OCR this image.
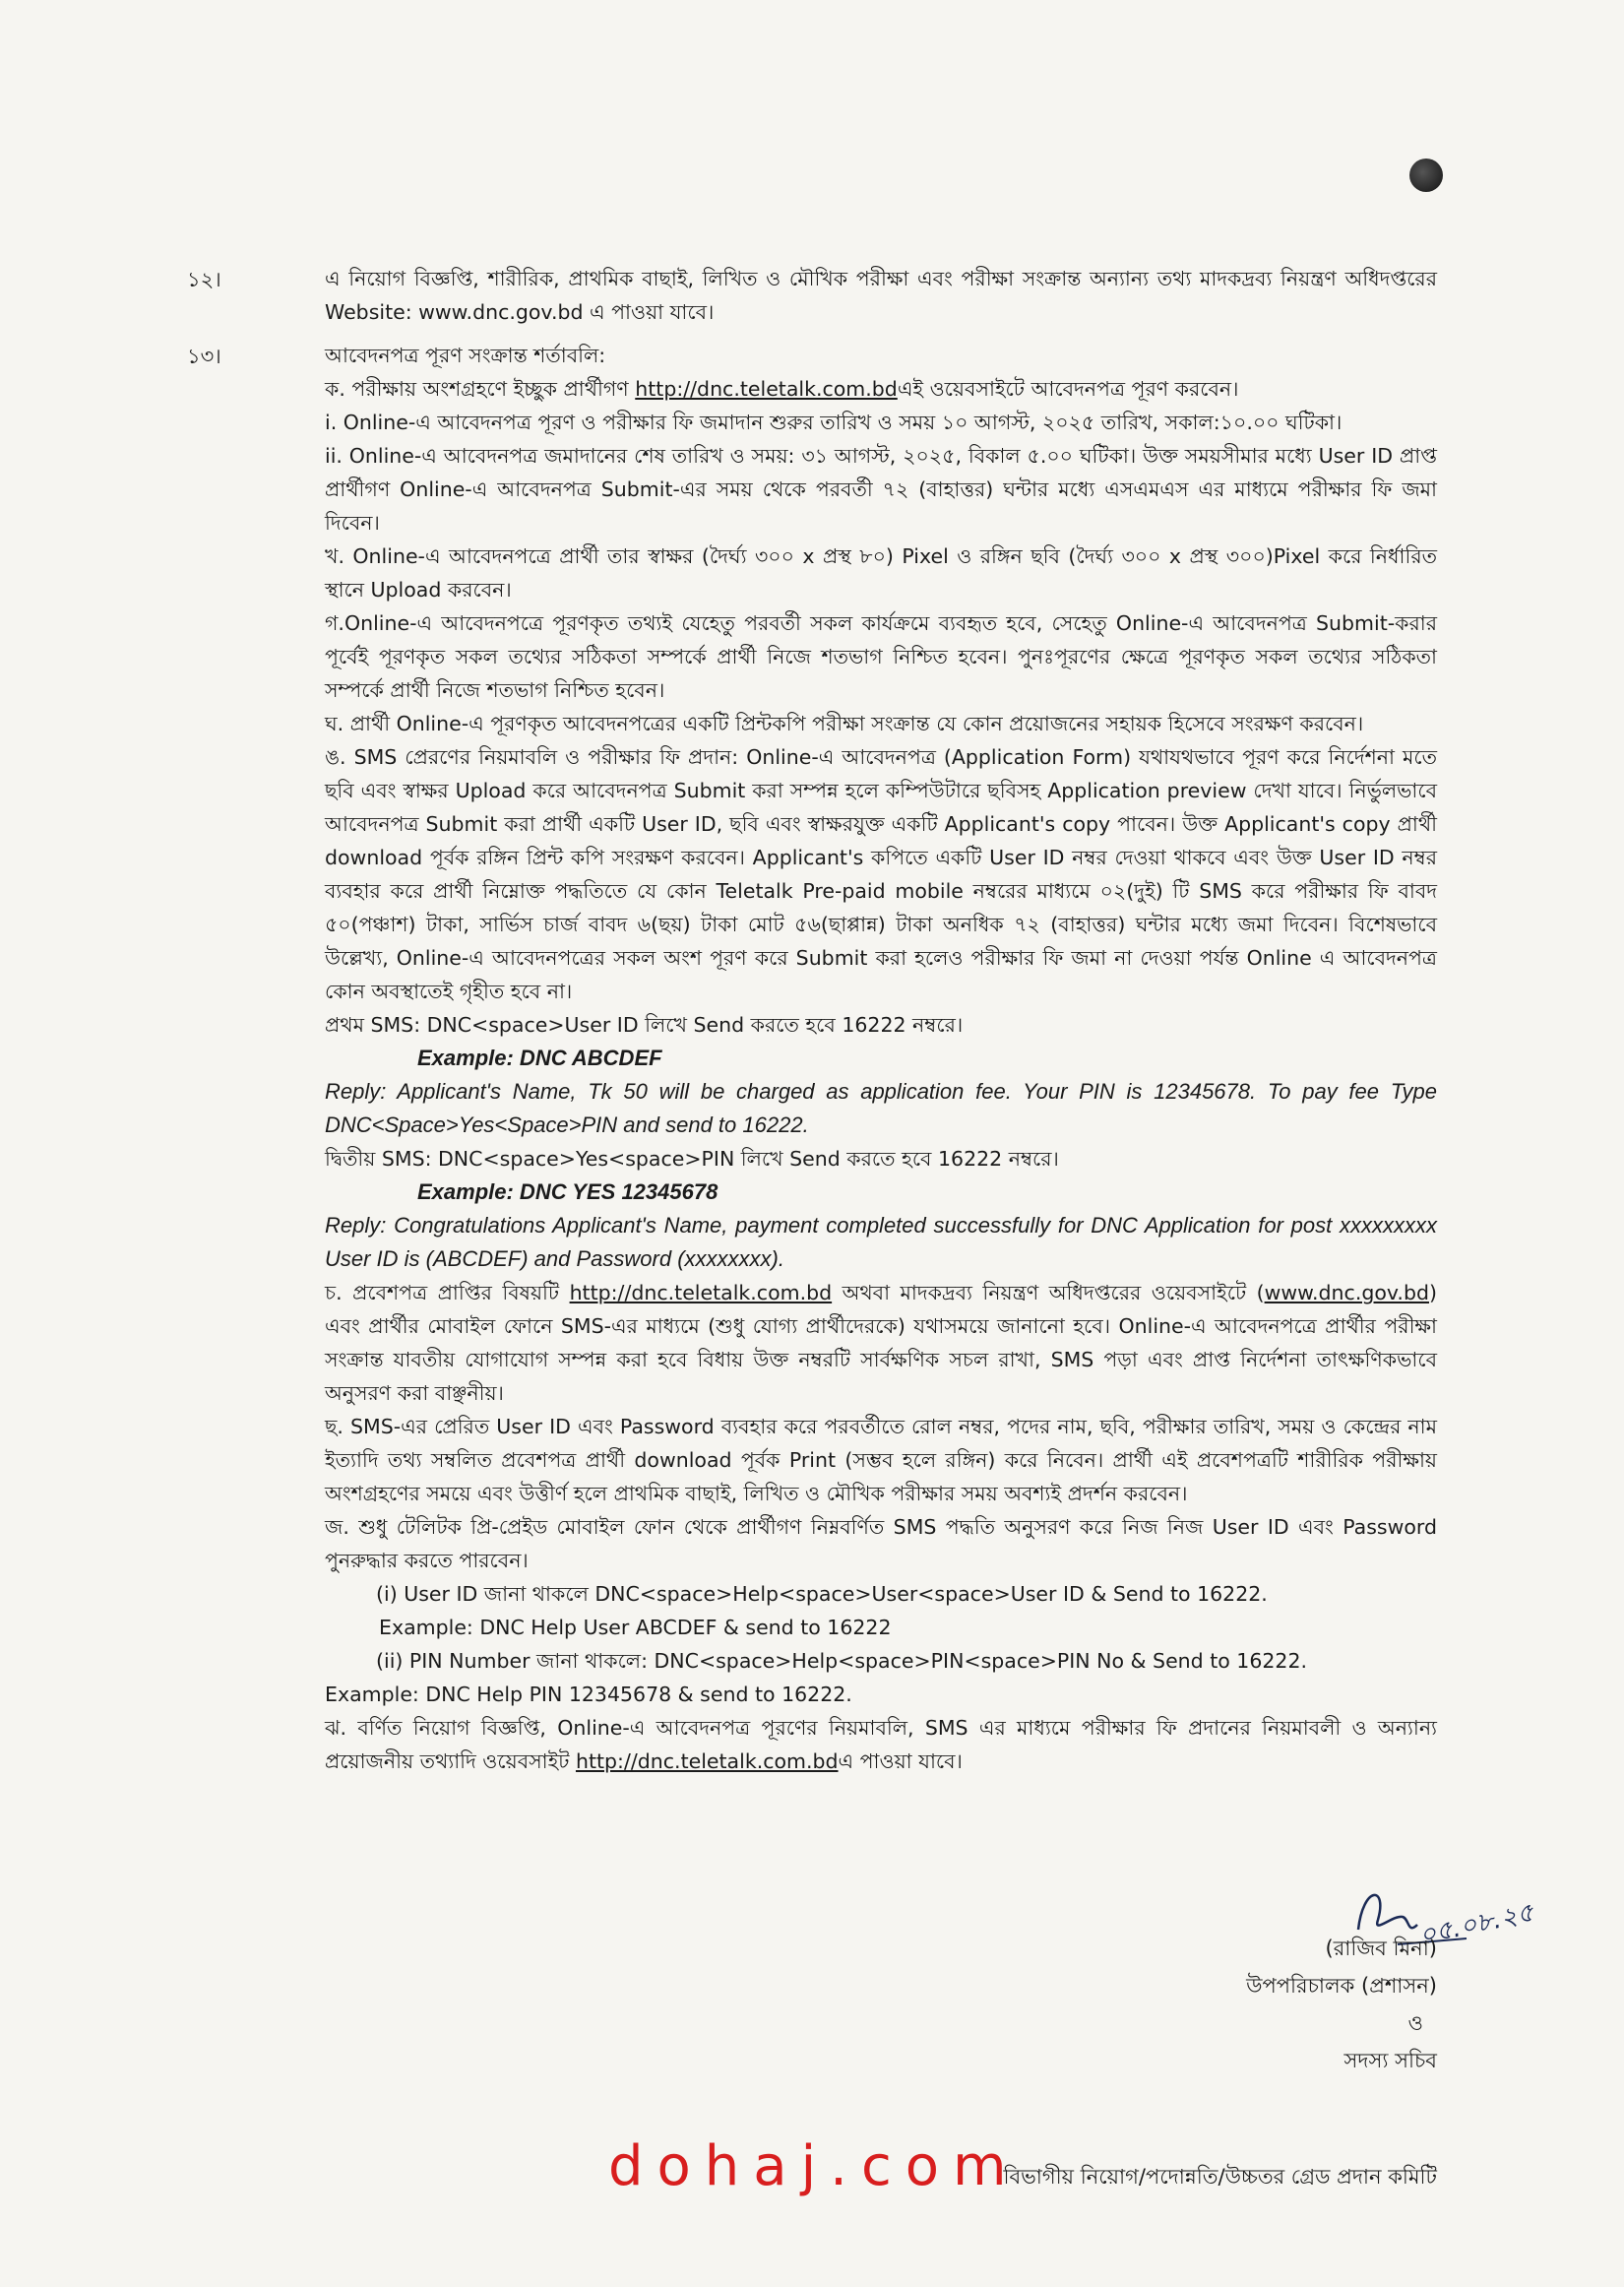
১২।	এ নিয়োগ বিজ্ঞপ্তি, শারীরিক, প্রাথমিক বাছাই, লিখিত ও মৌখিক পরীক্ষা এবং পরীক্ষা সংক্রান্ত অন্যান্য তথ্য মাদকদ্রব্য নিয়ন্ত্রণ অধিদপ্তরের Website: www.dnc.gov.bd এ পাওয়া যাবে।

১৩।	আবেদনপত্র পূরণ সংক্রান্ত শর্তাবলি:

ক. পরীক্ষায় অংশগ্রহণে ইচ্ছুক প্রার্থীগণ http://dnc.teletalk.com.bdএই ওয়েবসাইটে আবেদনপত্র পূরণ করবেন।

i. Online-এ আবেদনপত্র পূরণ ও পরীক্ষার ফি জমাদান শুরুর তারিখ ও সময় ১০ আগস্ট, ২০২৫ তারিখ, সকাল:১০.০০ ঘটিকা।

ii. Online-এ আবেদনপত্র জমাদানের শেষ তারিখ ও সময়: ৩১ আগস্ট, ২০২৫, বিকাল ৫.০০ ঘটিকা। উক্ত সময়সীমার মধ্যে User ID প্রাপ্ত প্রার্থীগণ Online-এ আবেদনপত্র Submit-এর সময় থেকে পরবর্তী ৭২ (বাহাত্তর) ঘন্টার মধ্যে এসএমএস এর মাধ্যমে পরীক্ষার ফি জমা দিবেন।

খ. Online-এ আবেদনপত্রে প্রার্থী তার স্বাক্ষর (দৈর্ঘ্য ৩০০ x প্রস্থ ৮০) Pixel ও রঙ্গিন ছবি (দৈর্ঘ্য ৩০০ x প্রস্থ ৩০০)Pixel করে নির্ধারিত স্থানে Upload করবেন।

গ.Online-এ আবেদনপত্রে পূরণকৃত তথ্যই যেহেতু পরবর্তী সকল কার্যক্রমে ব্যবহৃত হবে, সেহেতু Online-এ আবেদনপত্র Submit-করার পূর্বেই পূরণকৃত সকল তথ্যের সঠিকতা সম্পর্কে প্রার্থী নিজে শতভাগ নিশ্চিত হবেন। পুনঃপূরণের ক্ষেত্রে পূরণকৃত সকল তথ্যের সঠিকতা সম্পর্কে প্রার্থী নিজে শতভাগ নিশ্চিত হবেন।

ঘ. প্রার্থী Online-এ পূরণকৃত আবেদনপত্রের একটি প্রিন্টকপি পরীক্ষা সংক্রান্ত যে কোন প্রয়োজনের সহায়ক হিসেবে সংরক্ষণ করবেন।

ঙ. SMS প্রেরণের নিয়মাবলি ও পরীক্ষার ফি প্রদান: Online-এ আবেদনপত্র (Application Form) যথাযথভাবে পূরণ করে নির্দেশনা মতে ছবি এবং স্বাক্ষর Upload করে আবেদনপত্র Submit করা সম্পন্ন হলে কম্পিউটারে ছবিসহ Application preview দেখা যাবে। নির্ভুলভাবে আবেদনপত্র Submit করা প্রার্থী একটি User ID, ছবি এবং স্বাক্ষরযুক্ত একটি Applicant's copy পাবেন। উক্ত Applicant's copy প্রার্থী download পূর্বক রঙ্গিন প্রিন্ট কপি সংরক্ষণ করবেন। Applicant's কপিতে একটি User ID নম্বর দেওয়া থাকবে এবং উক্ত User ID নম্বর ব্যবহার করে প্রার্থী নিম্নোক্ত পদ্ধতিতে যে কোন Teletalk Pre-paid mobile নম্বরের মাধ্যমে ০২(দুই) টি SMS করে পরীক্ষার ফি বাবদ ৫০(পঞ্চাশ) টাকা, সার্ভিস চার্জ বাবদ ৬(ছয়) টাকা মোট ৫৬(ছাপ্পান্ন) টাকা অনধিক ৭২ (বাহাত্তর) ঘন্টার মধ্যে জমা দিবেন। বিশেষভাবে উল্লেখ্য, Online-এ আবেদনপত্রের সকল অংশ পূরণ করে Submit করা হলেও পরীক্ষার ফি জমা না দেওয়া পর্যন্ত Online এ আবেদনপত্র কোন অবস্থাতেই গৃহীত হবে না।

প্রথম SMS: DNC<space>User ID লিখে Send করতে হবে 16222 নম্বরে।

Example: DNC ABCDEF

Reply: Applicant's Name, Tk 50 will be charged as application fee. Your PIN is 12345678. To pay fee Type DNC<Space>Yes<Space>PIN and send to 16222.

দ্বিতীয় SMS: DNC<space>Yes<space>PIN লিখে Send করতে হবে 16222 নম্বরে।

Example: DNC YES 12345678

Reply: Congratulations Applicant's Name, payment completed successfully for DNC Application for post xxxxxxxxx User ID is (ABCDEF) and Password (xxxxxxxx).

চ. প্রবেশপত্র প্রাপ্তির বিষয়টি http://dnc.teletalk.com.bd অথবা মাদকদ্রব্য নিয়ন্ত্রণ অধিদপ্তরের ওয়েবসাইটে (www.dnc.gov.bd) এবং প্রার্থীর মোবাইল ফোনে SMS-এর মাধ্যমে (শুধু যোগ্য প্রার্থীদেরকে) যথাসময়ে জানানো হবে। Online-এ আবেদনপত্রে প্রার্থীর পরীক্ষা সংক্রান্ত যাবতীয় যোগাযোগ সম্পন্ন করা হবে বিধায় উক্ত নম্বরটি সার্বক্ষণিক সচল রাখা, SMS পড়া এবং প্রাপ্ত নির্দেশনা তাৎক্ষণিকভাবে অনুসরণ করা বাঞ্ছনীয়।

ছ. SMS-এর প্রেরিত User ID এবং Password ব্যবহার করে পরবর্তীতে রোল নম্বর, পদের নাম, ছবি, পরীক্ষার তারিখ, সময় ও কেন্দ্রের নাম ইত্যাদি তথ্য সম্বলিত প্রবেশপত্র প্রার্থী download পূর্বক Print (সম্ভব হলে রঙ্গিন) করে নিবেন। প্রার্থী এই প্রবেশপত্রটি শারীরিক পরীক্ষায় অংশগ্রহণের সময়ে এবং উত্তীর্ণ হলে প্রাথমিক বাছাই, লিখিত ও মৌখিক পরীক্ষার সময় অবশ্যই প্রদর্শন করবেন।

জ. শুধু টেলিটক প্রি-প্রেইড মোবাইল ফোন থেকে প্রার্থীগণ নিম্নবর্ণিত SMS পদ্ধতি অনুসরণ করে নিজ নিজ User ID এবং Password পুনরুদ্ধার করতে পারবেন।

(i) User ID জানা থাকলে DNC<space>Help<space>User<space>User ID & Send to 16222.

Example: DNC Help User ABCDEF & send to 16222

(ii) PIN Number জানা থাকলে: DNC<space>Help<space>PIN<space>PIN No & Send to 16222.

Example: DNC Help PIN 12345678 & send to 16222.

ঝ. বর্ণিত নিয়োগ বিজ্ঞপ্তি, Online-এ আবেদনপত্র পূরণের নিয়মাবলি, SMS এর মাধ্যমে পরীক্ষার ফি প্রদানের নিয়মাবলী ও অন্যান্য প্রয়োজনীয় তথ্যাদি ওয়েবসাইট http://dnc.teletalk.com.bdএ পাওয়া যাবে।

০৫.০৮.২৫
(রাজিব মিনা)
উপপরিচালক (প্রশাসন)
ও
সদস্য সচিব
বিভাগীয় নিয়োগ/পদোন্নতি/উচ্চতর গ্রেড প্রদান কমিটি
dohaj.com
